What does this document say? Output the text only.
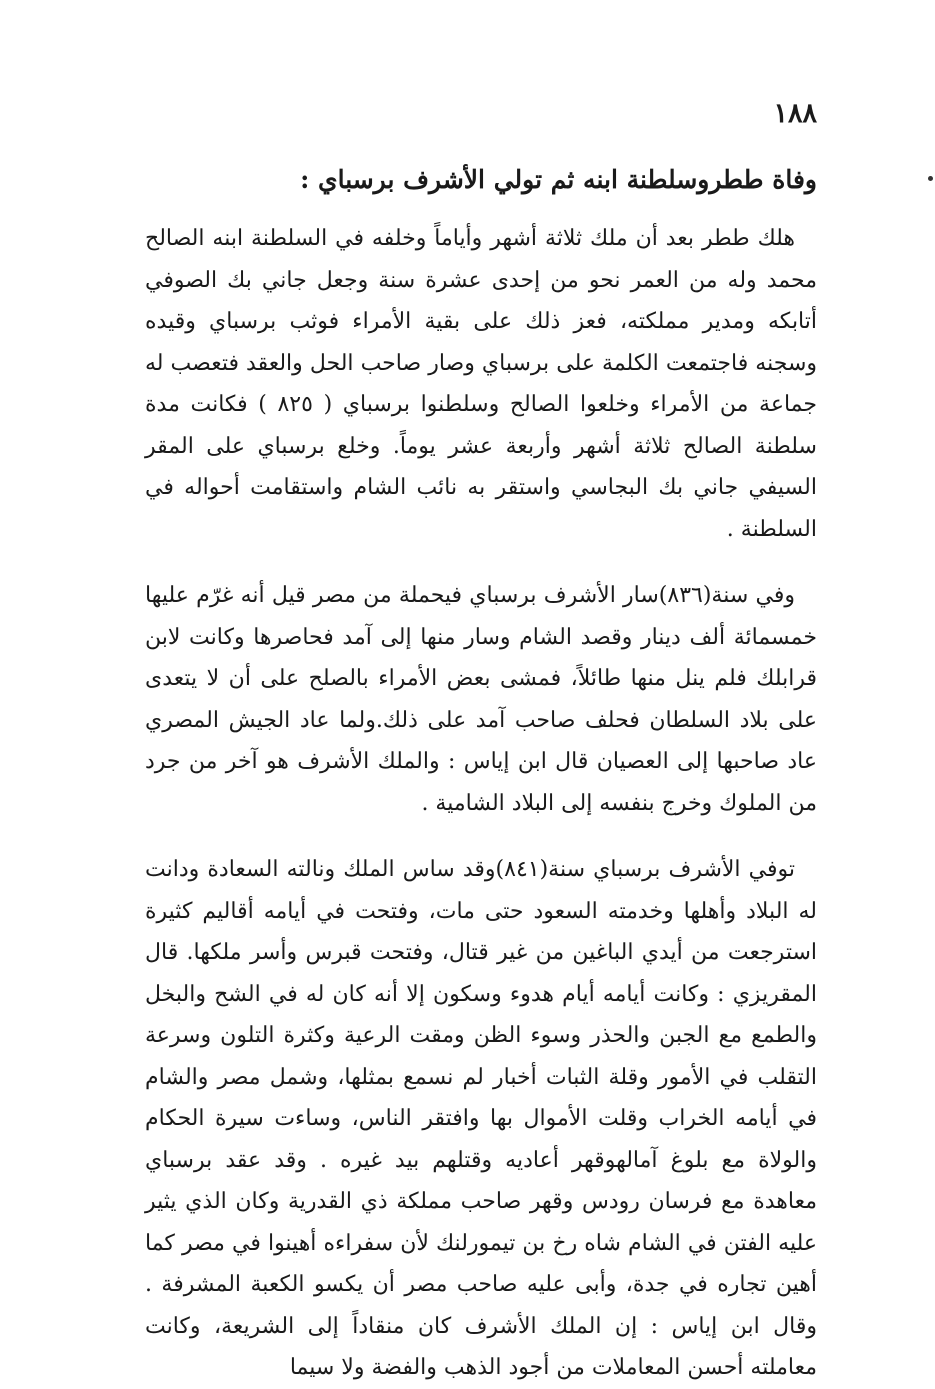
١٨٨

وفاة ططروسلطنة ابنه ثم تولي الأشرف برسباي :

هلك ططر بعد أن ملك ثلاثة أشهر وأياماً وخلفه في السلطنة ابنه الصالح محمد وله من العمر نحو من إحدى عشرة سنة وجعل جاني بك الصوفي أتابكه ومدير مملكته، فعز ذلك على بقية الأمراء فوثب برسباي وقيده وسجنه فاجتمعت الكلمة على برسباي وصار صاحب الحل والعقد فتعصب له جماعة من الأمراء وخلعوا الصالح وسلطنوا برسباي ( ٨٢٥ ) فكانت مدة سلطنة الصالح ثلاثة أشهر وأربعة عشر يوماً. وخلع برسباي على المقر السيفي جاني بك البجاسي واستقر به نائب الشام واستقامت أحواله في السلطنة .

وفي سنة(٨٣٦)سار الأشرف برسباي فيحملة من مصر قيل أنه غرّم عليها خمسمائة ألف دينار وقصد الشام وسار منها إلى آمد فحاصرها وكانت لابن قرابلك فلم ينل منها طائلاً، فمشى بعض الأمراء بالصلح على أن لا يتعدى على بلاد السلطان فحلف صاحب آمد على ذلك.ولما عاد الجيش المصري عاد صاحبها إلى العصيان قال ابن إياس : والملك الأشرف هو آخر من جرد من الملوك وخرج بنفسه إلى البلاد الشامية .

توفي الأشرف برسباي سنة(٨٤١)وقد ساس الملك ونالته السعادة ودانت له البلاد وأهلها وخدمته السعود حتى مات، وفتحت في أيامه أقاليم كثيرة استرجعت من أيدي الباغين من غير قتال، وفتحت قبرس وأسر ملكها. قال المقريزي : وكانت أيامه أيام هدوء وسكون إلا أنه كان له في الشح والبخل والطمع مع الجبن والحذر وسوء الظن ومقت الرعية وكثرة التلون وسرعة التقلب في الأمور وقلة الثبات أخبار لم نسمع بمثلها، وشمل مصر والشام في أيامه الخراب وقلت الأموال بها وافتقر الناس، وساءت سيرة الحكام والولاة مع بلوغ آمالهوقهر أعاديه وقتلهم بيد غيره . وقد عقد برسباي معاهدة مع فرسان رودس وقهر صاحب مملكة ذي القدرية وكان الذي يثير عليه الفتن في الشام شاه رخ بن تيمورلنك لأن سفراءه أهينوا في مصر كما أهين تجاره في جدة، وأبى عليه صاحب مصر أن يكسو الكعبة المشرفة . وقال ابن إياس : إن الملك الأشرف كان منقاداً إلى الشريعة، وكانت معاملته أحسن المعاملات من أجود الذهب والفضة ولا سيما
